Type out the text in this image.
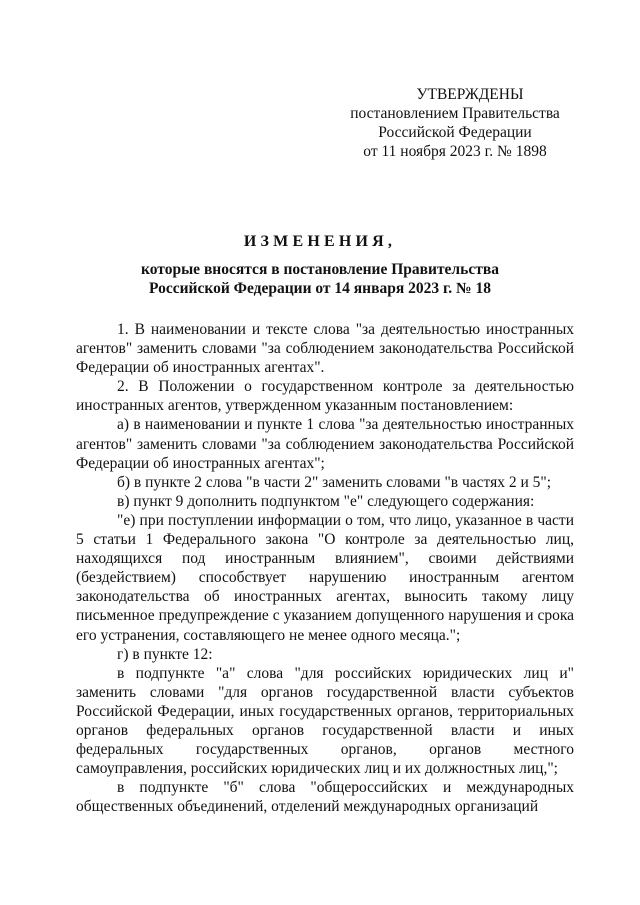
УТВЕРЖДЕНЫ
постановлением Правительства
Российской Федерации
от 11 ноября 2023 г. № 1898
ИЗМЕНЕНИЯ,
которые вносятся в постановление Правительства
Российской Федерации от 14 января 2023 г. № 18

1. В наименовании и тексте слова "за деятельностью иностранных агентов" заменить словами "за соблюдением законодательства Российской Федерации об иностранных агентах".

2. В Положении о государственном контроле за деятельностью иностранных агентов, утвержденном указанным постановлением:

а) в наименовании и пункте 1 слова "за деятельностью иностранных агентов" заменить словами "за соблюдением законодательства Российской Федерации об иностранных агентах";

б) в пункте 2 слова "в части 2" заменить словами "в частях 2 и 5";

в) пункт 9 дополнить подпунктом "е" следующего содержания:

"е) при поступлении информации о том, что лицо, указанное в части 5 статьи 1 Федерального закона "О контроле за деятельностью лиц, находящихся под иностранным влиянием", своими действиями (бездействием) способствует нарушению иностранным агентом законодательства об иностранных агентах, выносить такому лицу письменное предупреждение с указанием допущенного нарушения и срока его устранения, составляющего не менее одного месяца.";

г) в пункте 12:

в подпункте "а" слова "для российских юридических лиц и" заменить словами "для органов государственной власти субъектов Российской Федерации, иных государственных органов, территориальных органов федеральных органов государственной власти и иных федеральных государственных органов, органов местного самоуправления, российских юридических лиц и их должностных лиц,";

в подпункте "б" слова "общероссийских и международных общественных объединений, отделений международных организаций
